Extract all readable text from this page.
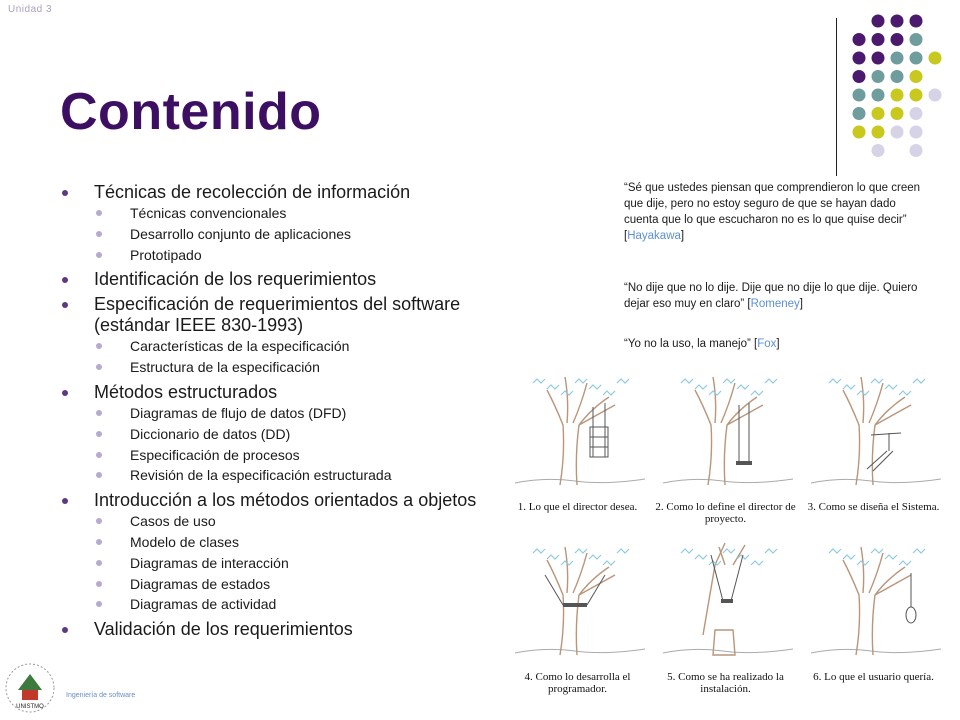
Unidad 3
Contenido
Técnicas de recolección de información
Técnicas convencionales
Desarrollo conjunto de aplicaciones
Prototipado
Identificación de los requerimientos
Especificación de requerimientos del software (estándar IEEE 830-1993)
Características de la especificación
Estructura de la especificación
Métodos estructurados
Diagramas de flujo de datos (DFD)
Diccionario de datos (DD)
Especificación de procesos
Revisión de la especificación estructurada
Introducción a los métodos orientados a objetos
Casos de uso
Modelo de clases
Diagramas de interacción
Diagramas de estados
Diagramas de actividad
Validación de los requerimientos
“Sé que ustedes piensan que comprendieron lo que creen que dije, pero no estoy seguro de que se hayan dado cuenta que lo que escucharon no es lo que quise decir” [Hayakawa]
“No dije que no lo dije. Dije que no dije lo que dije. Quiero dejar eso muy en claro” [Romeney]
“Yo no la uso, la manejo” [Fox]
1. Lo que el director desea.	2. Como lo define el director de proyecto.
3. Como se diseña el Sistema.
4. Como lo desarrolla el programador.
5. Como se ha realizado la instalación.
6. Lo que el usuario quería.
UNISTMO
Ingeniería de software
